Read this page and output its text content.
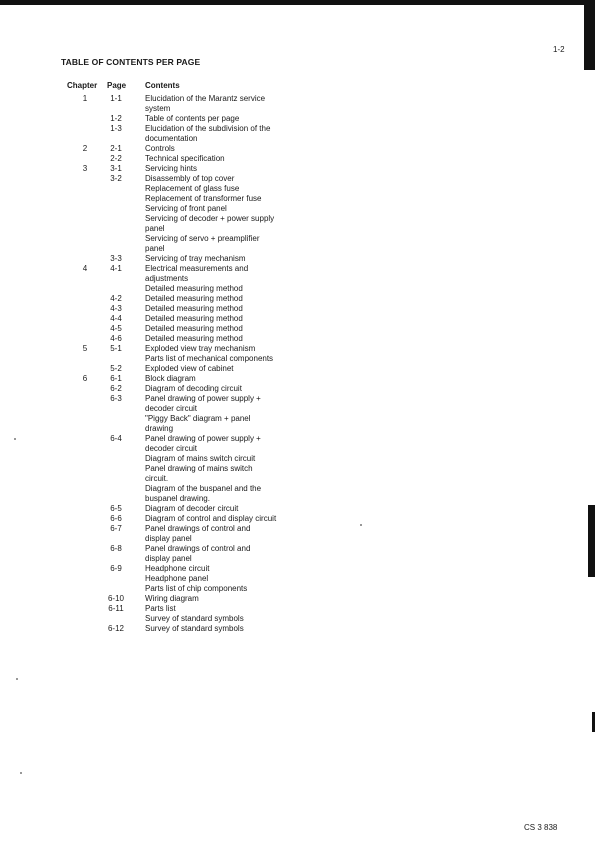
1-2
TABLE OF CONTENTS PER PAGE
Chapter Page Contents
1	1-1	Elucidation of the Marantz service
system
1-2	Table of contents per page
1-3	Elucidation of the subdivision of the
documentation
2	2-1	Controls
2-2	Technical specification
3	3-1	Servicing hints
3-2	Disassembly of top cover
Replacement of glass fuse
Replacement of transformer fuse
Servicing of front panel
Servicing of decoder + power supply
panel
Servicing of servo + preamplifier
panel
3-3	Servicing of tray mechanism
4	4-1	Electrical measurements and
adjustments
Detailed measuring method
4-2	Detailed measuring method
4-3	Detailed measuring method
4-4	Detailed measuring method
4-5	Detailed measuring method
4-6	Detailed measuring method
5	5-1	Exploded view tray mechanism
Parts list of mechanical components
5-2	Exploded view of cabinet
6	6-1	Block diagram
6-2	Diagram of decoding circuit
6-3	Panel drawing of power supply +
decoder circuit
"Piggy Back" diagram + panel
drawing
6-4	Panel drawing of power supply +
decoder circuit
Diagram of mains switch circuit
Panel drawing of mains switch
circuit.
Diagram of the buspanel and the
buspanel drawing.
6-5	Diagram of decoder circuit
6-6	Diagram of control and display circuit
6-7	Panel drawings of control and
display panel
6-8	Panel drawings of control and
display panel
6-9	Headphone circuit
Headphone panel
Parts list of chip components
6-10	Wiring diagram
6-11	Parts list
Survey of standard symbols
6-12	Survey of standard symbols
CS 3 838
